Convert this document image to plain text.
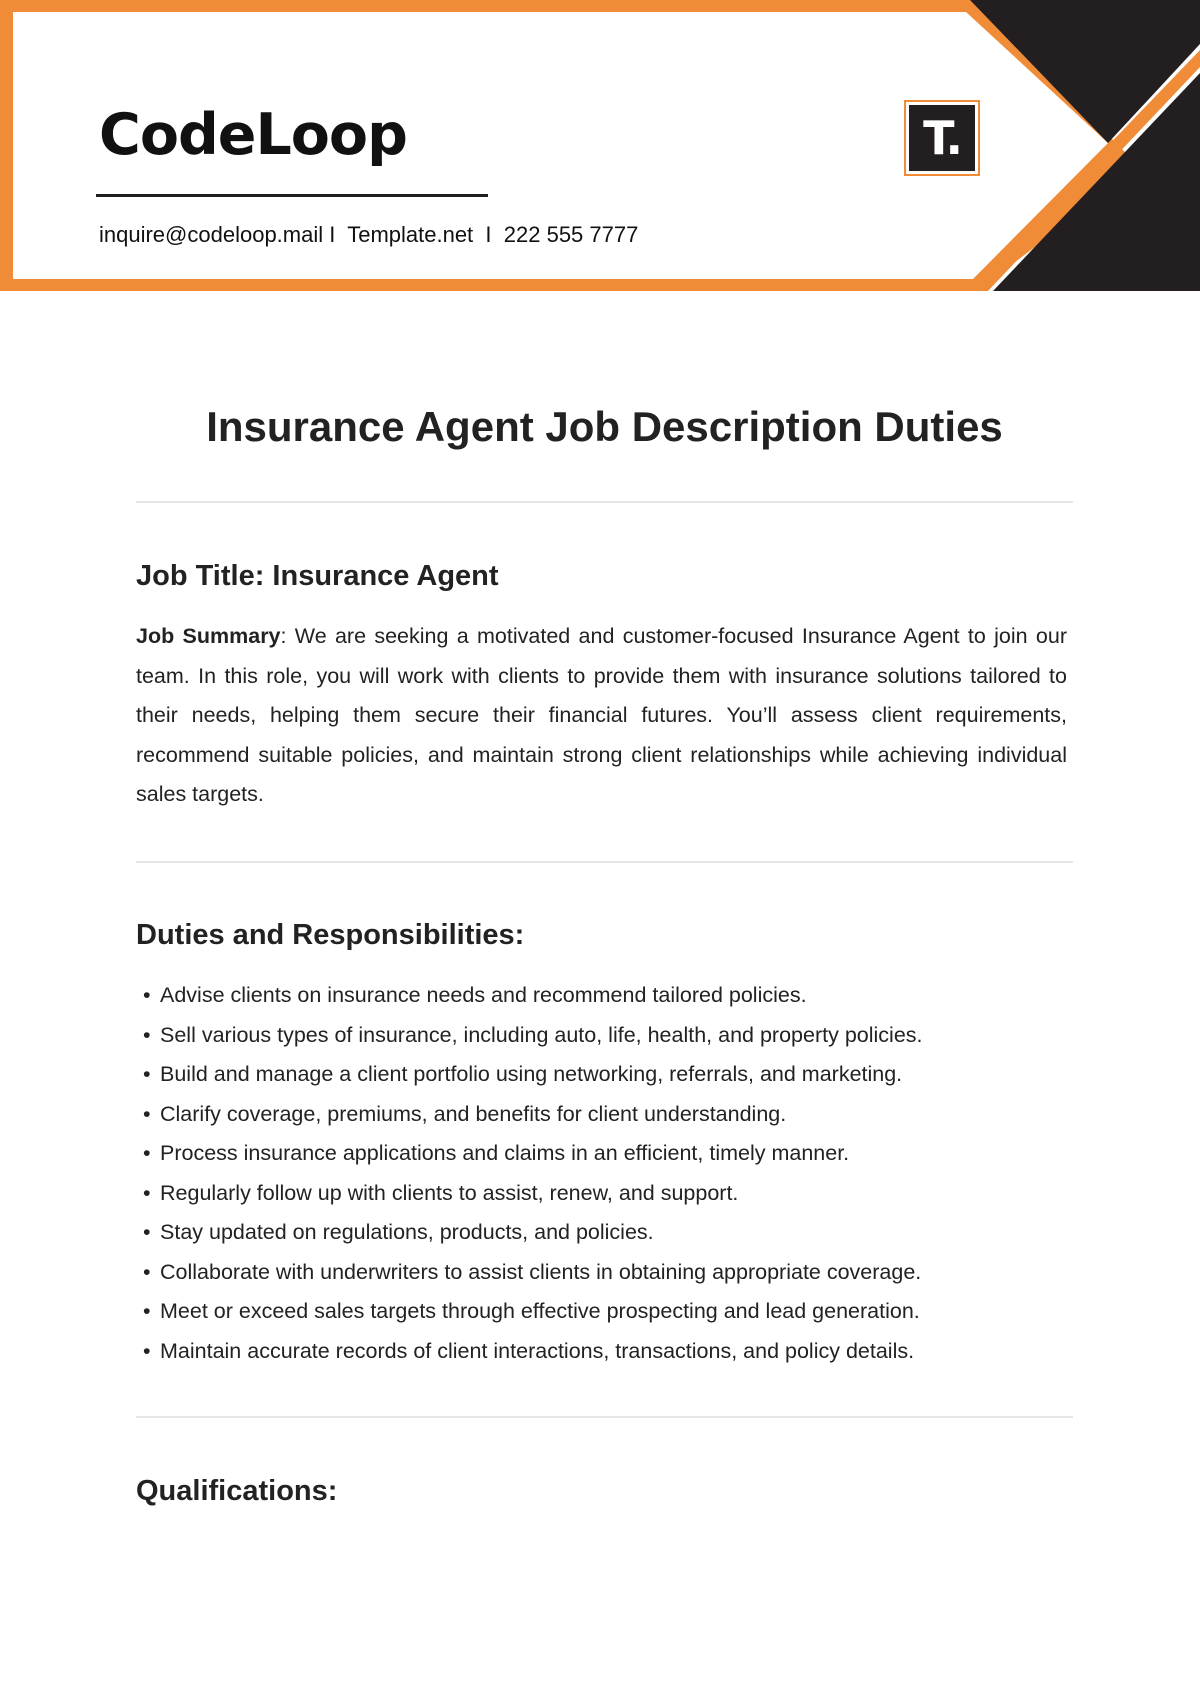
CodeLoop
inquire@codeloop.mail I Template.net I 222 555 7777
T.
Insurance Agent Job Description Duties
Job Title: Insurance Agent

Job Summary: We are seeking a motivated and customer-focused Insurance Agent to join our team. In this role, you will work with clients to provide them with insurance solutions tailored to their needs, helping them secure their financial futures. You’ll assess client requirements, recommend suitable policies, and maintain strong client relationships while achieving individual sales targets.

Duties and Responsibilities:
• Advise clients on insurance needs and recommend tailored policies.
• Sell various types of insurance, including auto, life, health, and property policies.
• Build and manage a client portfolio using networking, referrals, and marketing.
• Clarify coverage, premiums, and benefits for client understanding.
• Process insurance applications and claims in an efficient, timely manner.
• Regularly follow up with clients to assist, renew, and support.
• Stay updated on regulations, products, and policies.
• Collaborate with underwriters to assist clients in obtaining appropriate coverage.
• Meet or exceed sales targets through effective prospecting and lead generation.
• Maintain accurate records of client interactions, transactions, and policy details.
Qualifications:
